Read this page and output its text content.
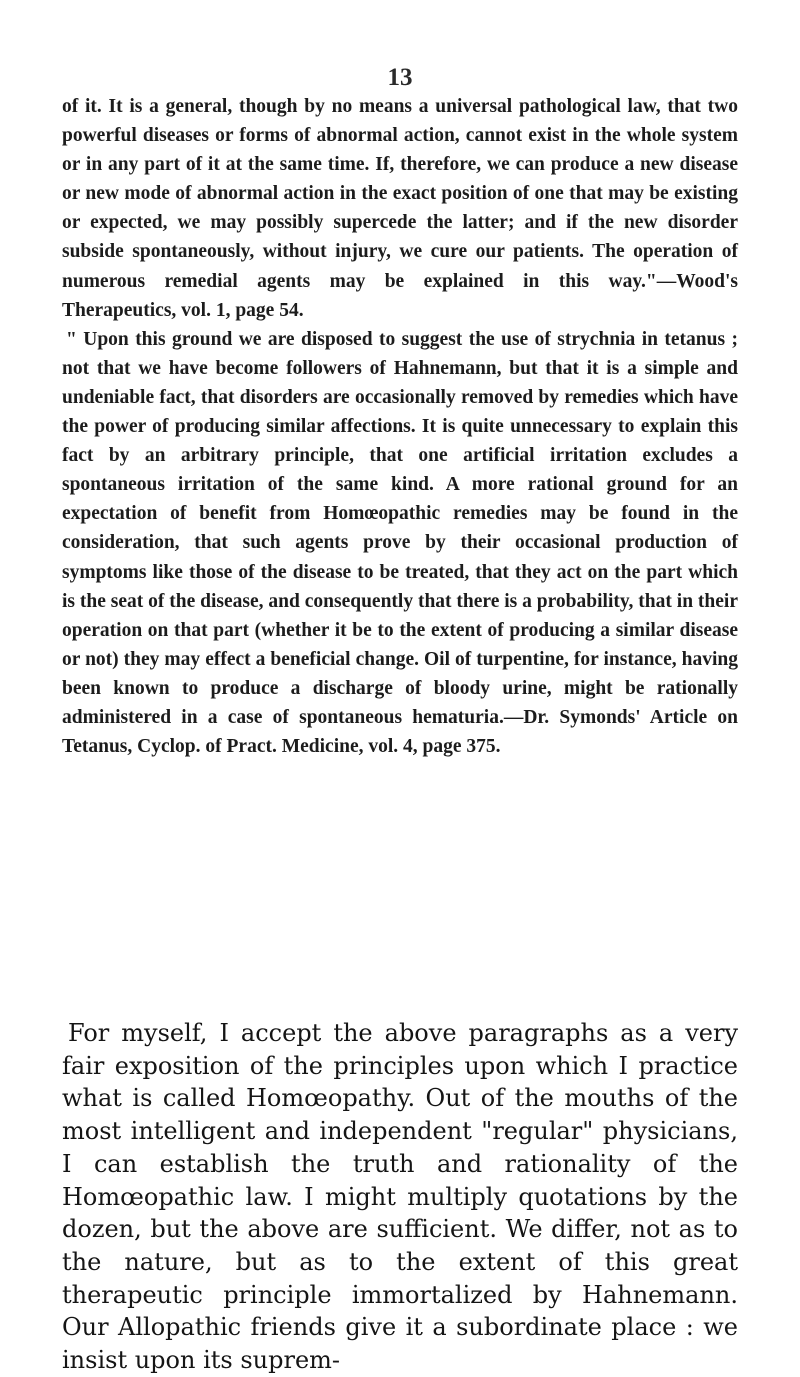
13

of it. It is a general, though by no means a universal pathological law, that two powerful diseases or forms of abnormal action, cannot exist in the whole system or in any part of it at the same time. If, therefore, we can produce a new disease or new mode of abnormal action in the exact position of one that may be existing or expected, we may possibly supercede the latter; and if the new disorder subside spontaneously, without injury, we cure our patients. The operation of numerous remedial agents may be explained in this way."—Wood's Therapeutics, vol. 1, page 54.

" Upon this ground we are disposed to suggest the use of strychnia in tetanus ; not that we have become followers of Hahnemann, but that it is a simple and undeniable fact, that disorders are occasionally removed by remedies which have the power of producing similar affections. It is quite unnecessary to explain this fact by an arbitrary principle, that one artificial irritation excludes a spontaneous irritation of the same kind. A more rational ground for an expectation of benefit from Homœopathic remedies may be found in the consideration, that such agents prove by their occasional production of symptoms like those of the disease to be treated, that they act on the part which is the seat of the disease, and consequently that there is a probability, that in their operation on that part (whether it be to the extent of producing a similar disease or not) they may effect a beneficial change. Oil of turpentine, for instance, having been known to produce a discharge of bloody urine, might be rationally administered in a case of spontaneous hematuria.—Dr. Symonds' Article on Tetanus, Cyclop. of Pract. Medicine, vol. 4, page 375.

For myself, I accept the above paragraphs as a very fair exposition of the principles upon which I practice what is called Homœopathy. Out of the mouths of the most intelligent and independent "regular" physicians, I can establish the truth and rationality of the Homœopathic law. I might multiply quotations by the dozen, but the above are sufficient. We differ, not as to the nature, but as to the extent of this great therapeutic principle immortalized by Hahnemann. Our Allopathic friends give it a subordinate place : we insist upon its suprem-
